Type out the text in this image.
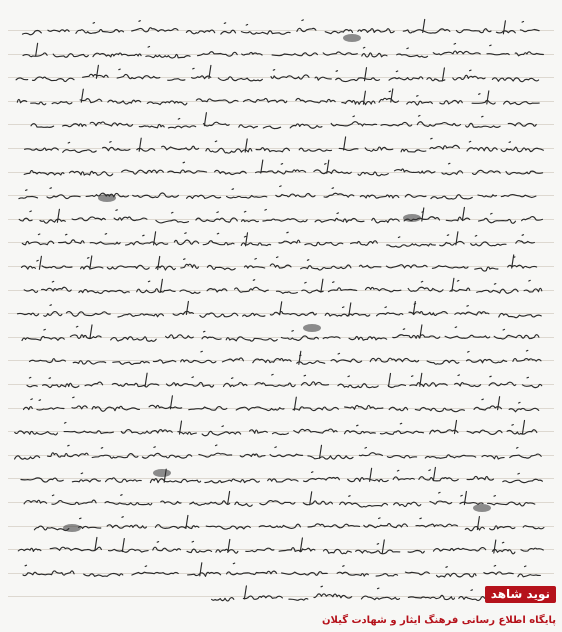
نوید شاهد
پایگاه اطلاع رسانی فرهنگ ایثار و شهادت گیلان
